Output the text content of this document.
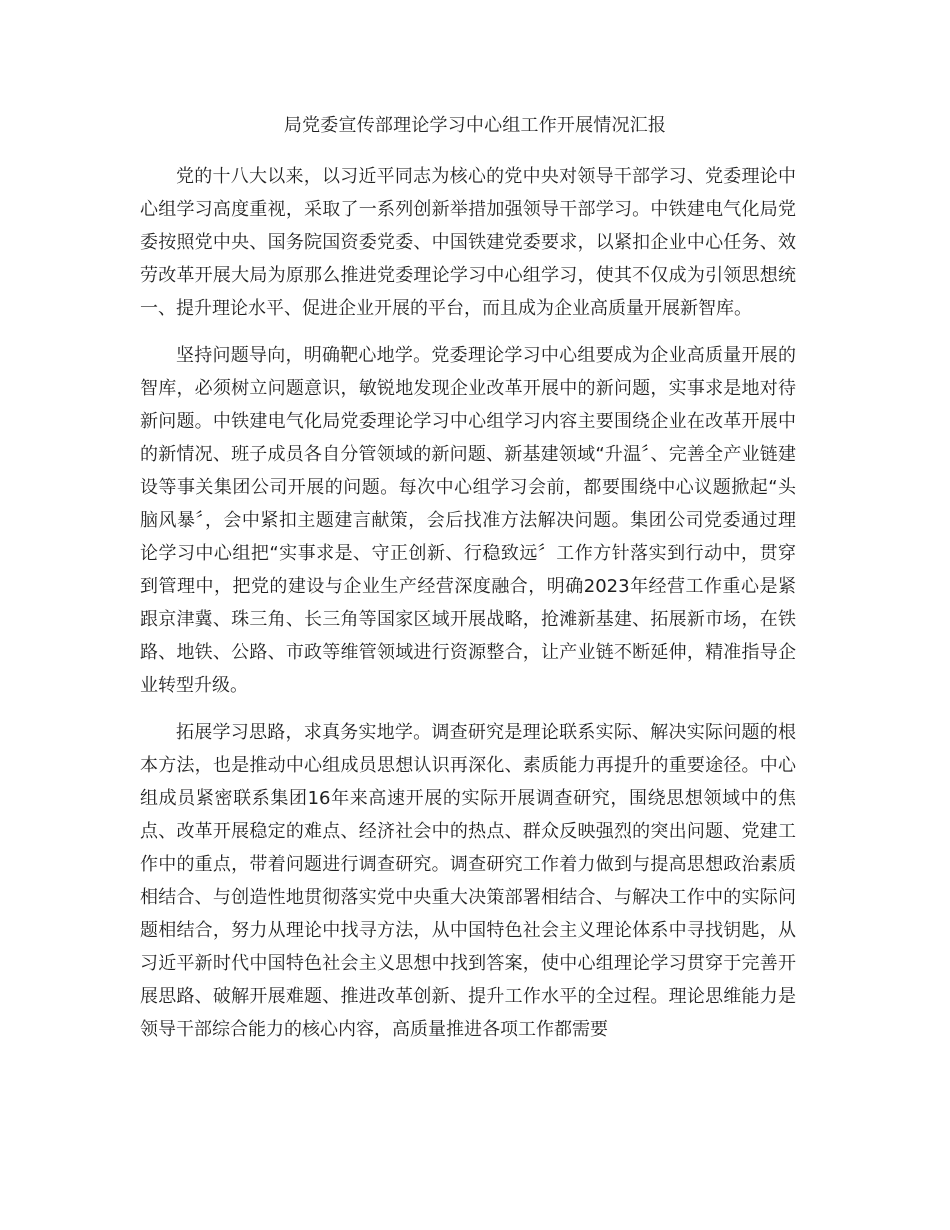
局党委宣传部理论学习中心组工作开展情况汇报

党的十八大以来，以习近平同志为核心的党中央对领导干部学习、党委理论中心组学习高度重视，采取了一系列创新举措加强领导干部学习。中铁建电气化局党委按照党中央、国务院国资委党委、中国铁建党委要求，以紧扣企业中心任务、效劳改革开展大局为原那么推进党委理论学习中心组学习，使其不仅成为引领思想统一、提升理论水平、促进企业开展的平台，而且成为企业高质量开展新智库。

坚持问题导向，明确靶心地学。党委理论学习中心组要成为企业高质量开展的智库，必须树立问题意识，敏锐地发现企业改革开展中的新问题，实事求是地对待新问题。中铁建电气化局党委理论学习中心组学习内容主要围绕企业在改革开展中的新情况、班子成员各自分管领域的新问题、新基建领域“升温〞、完善全产业链建设等事关集团公司开展的问题。每次中心组学习会前，都要围绕中心议题掀起“头脑风暴〞，会中紧扣主题建言献策，会后找准方法解决问题。集团公司党委通过理论学习中心组把“实事求是、守正创新、行稳致远〞工作方针落实到行动中，贯穿到管理中，把党的建设与企业生产经营深度融合，明确2023年经营工作重心是紧跟京津冀、珠三角、长三角等国家区域开展战略，抢滩新基建、拓展新市场，在铁路、地铁、公路、市政等维管领域进行资源整合，让产业链不断延伸，精准指导企业转型升级。

拓展学习思路，求真务实地学。调查研究是理论联系实际、解决实际问题的根本方法，也是推动中心组成员思想认识再深化、素质能力再提升的重要途径。中心组成员紧密联系集团16年来高速开展的实际开展调查研究，围绕思想领域中的焦点、改革开展稳定的难点、经济社会中的热点、群众反映强烈的突出问题、党建工作中的重点，带着问题进行调查研究。调查研究工作着力做到与提高思想政治素质相结合、与创造性地贯彻落实党中央重大决策部署相结合、与解决工作中的实际问题相结合，努力从理论中找寻方法，从中国特色社会主义理论体系中寻找钥匙，从习近平新时代中国特色社会主义思想中找到答案，使中心组理论学习贯穿于完善开展思路、破解开展难题、推进改革创新、提升工作水平的全过程。理论思维能力是领导干部综合能力的核心内容，高质量推进各项工作都需要
